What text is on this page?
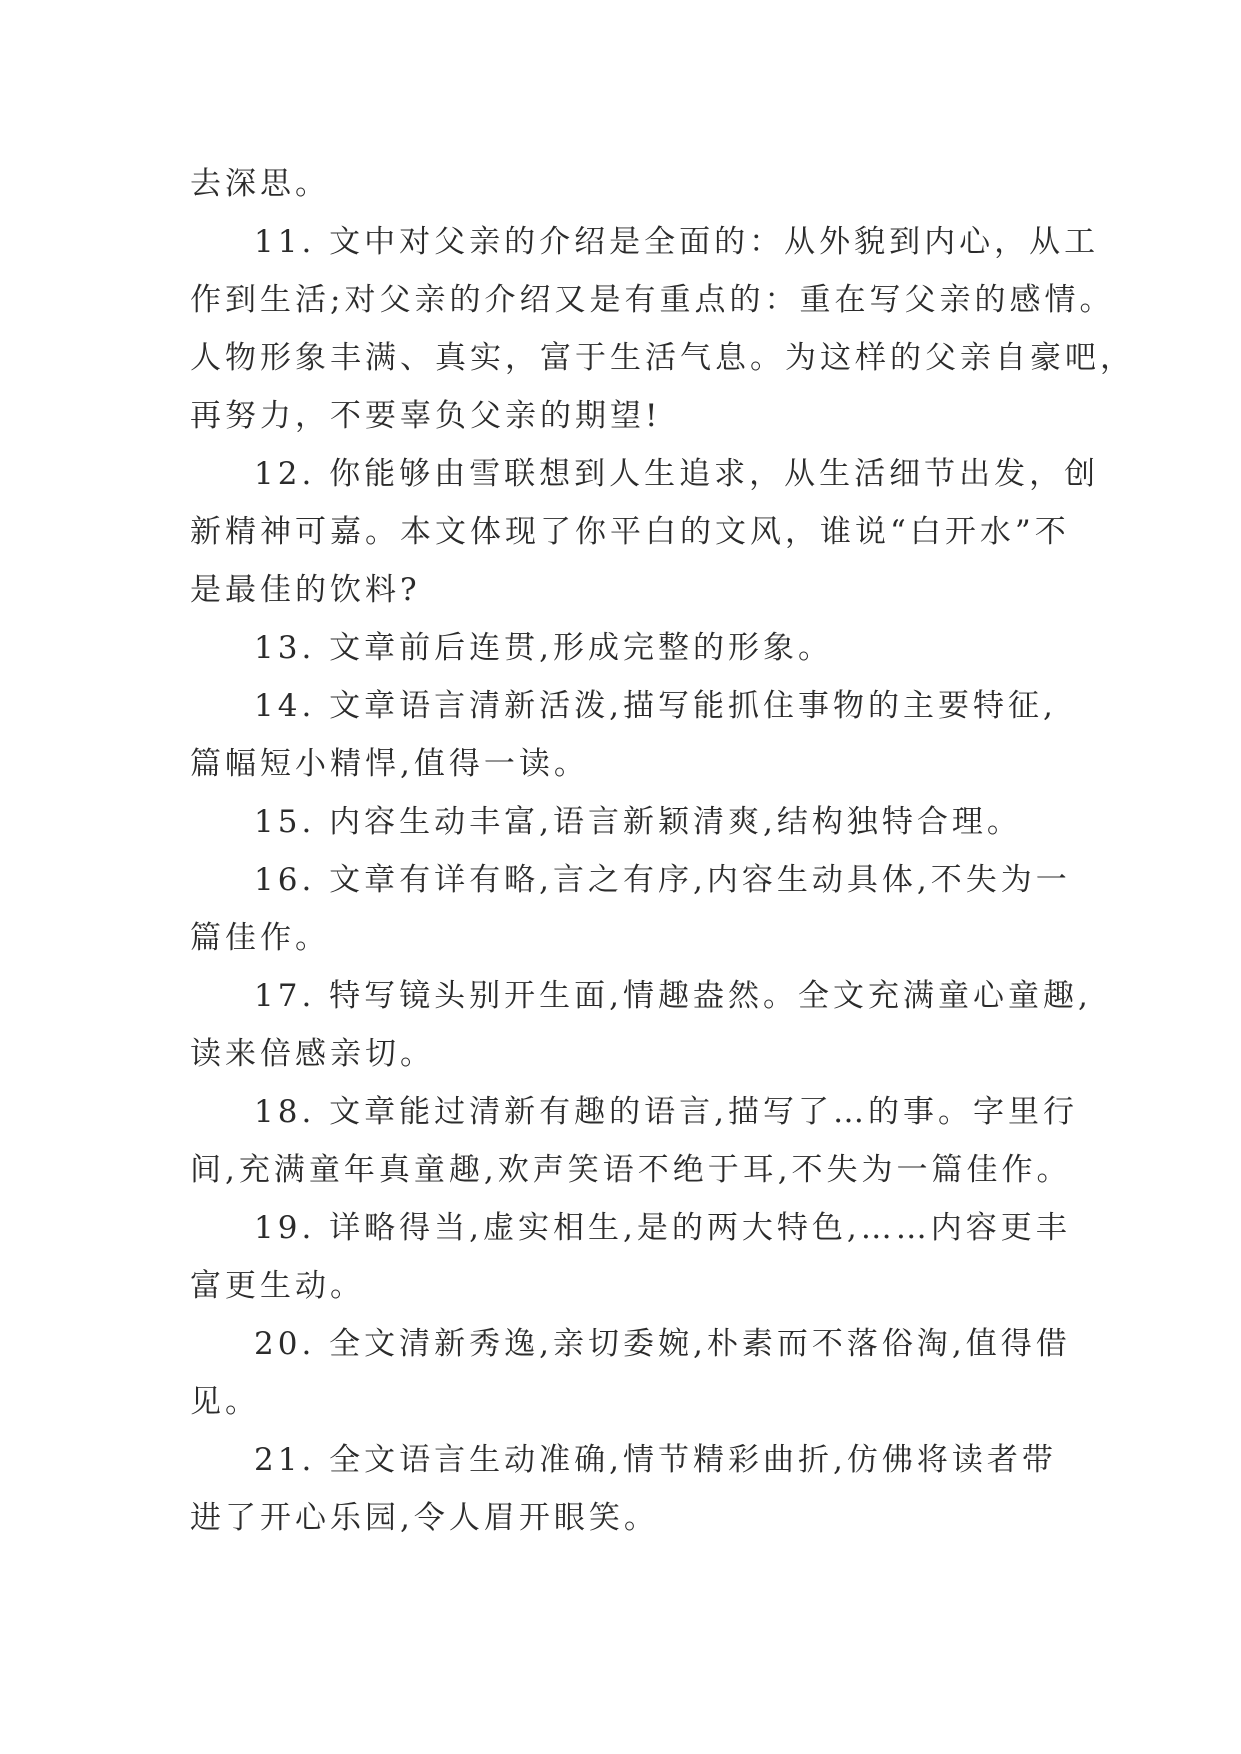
去深思。
11. 文中对父亲的介绍是全面的：从外貌到内心，从工
作到生活;对父亲的介绍又是有重点的：重在写父亲的感情。
人物形象丰满、真实，富于生活气息。为这样的父亲自豪吧，
再努力，不要辜负父亲的期望!
12. 你能够由雪联想到人生追求，从生活细节出发，创
新精神可嘉。本文体现了你平白的文风，谁说“白开水”不
是最佳的饮料?
13. 文章前后连贯,形成完整的形象。
14. 文章语言清新活泼,描写能抓住事物的主要特征,
篇幅短小精悍,值得一读。
15. 内容生动丰富,语言新颖清爽,结构独特合理。
16. 文章有详有略,言之有序,内容生动具体,不失为一
篇佳作。
17. 特写镜头别开生面,情趣盎然。全文充满童心童趣,
读来倍感亲切。
18. 文章能过清新有趣的语言,描写了…的事。字里行
间,充满童年真童趣,欢声笑语不绝于耳,不失为一篇佳作。
19. 详略得当,虚实相生,是的两大特色,……内容更丰
富更生动。
20. 全文清新秀逸,亲切委婉,朴素而不落俗淘,值得借
见。
21. 全文语言生动准确,情节精彩曲折,仿佛将读者带
进了开心乐园,令人眉开眼笑。
